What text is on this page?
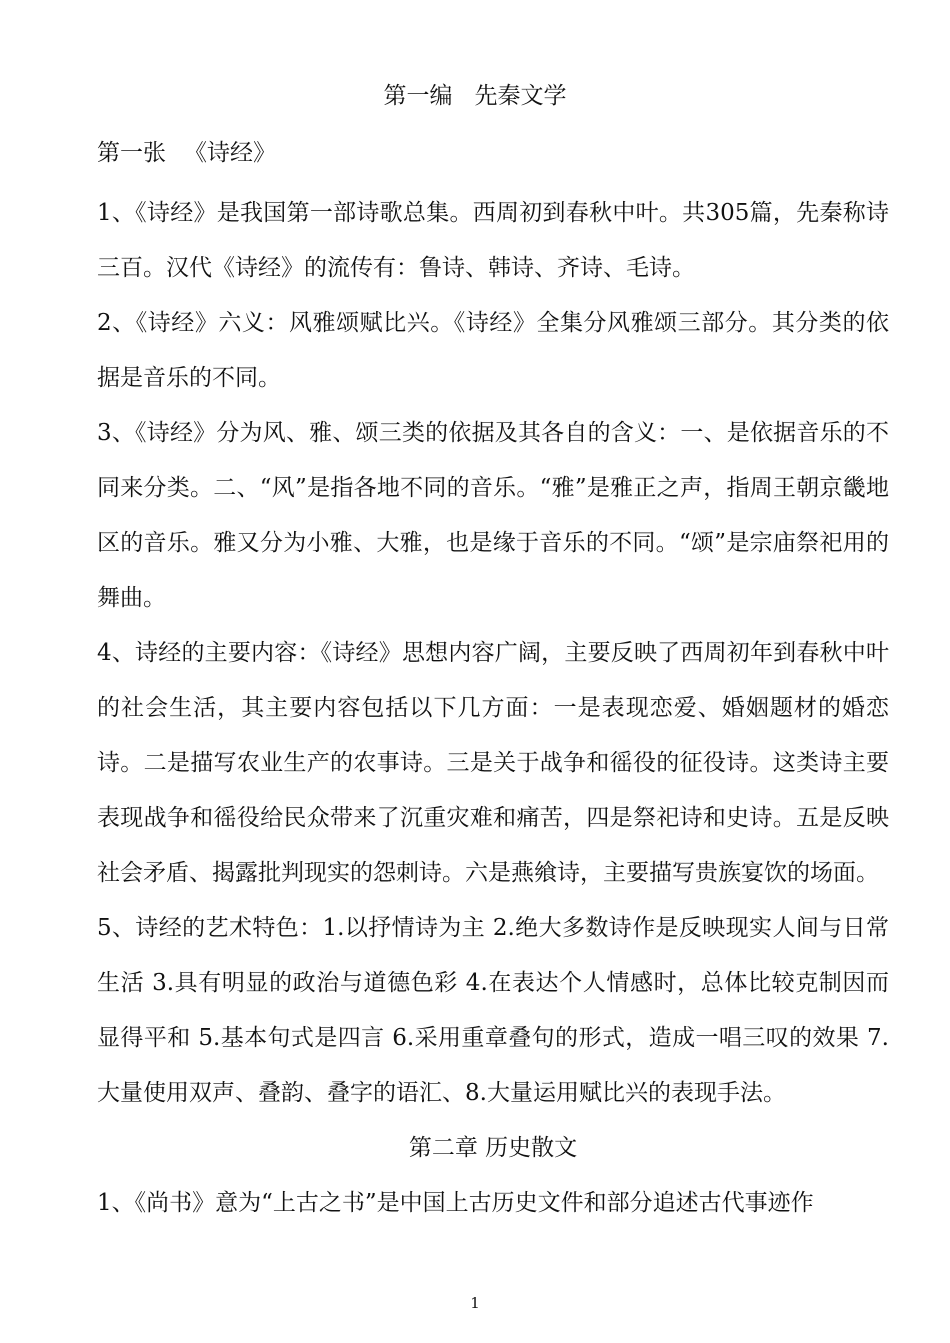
第一编 先秦文学
第一张 《诗经》

1、《诗经》是我国第一部诗歌总集。西周初到春秋中叶。共305篇，先秦称诗三百。汉代《诗经》的流传有：鲁诗、韩诗、齐诗、毛诗。

2、《诗经》六义：风雅颂赋比兴。《诗经》全集分风雅颂三部分。其分类的依据是音乐的不同。

3、《诗经》分为风、雅、颂三类的依据及其各自的含义：一、是依据音乐的不同来分类。二、“风”是指各地不同的音乐。“雅”是雅正之声，指周王朝京畿地区的音乐。雅又分为小雅、大雅，也是缘于音乐的不同。“颂”是宗庙祭祀用的舞曲。

4、诗经的主要内容：《诗经》思想内容广阔，主要反映了西周初年到春秋中叶的社会生活，其主要内容包括以下几方面：一是表现恋爱、婚姻题材的婚恋诗。二是描写农业生产的农事诗。三是关于战争和徭役的征役诗。这类诗主要表现战争和徭役给民众带来了沉重灾难和痛苦，四是祭祀诗和史诗。五是反映社会矛盾、揭露批判现实的怨刺诗。六是燕飨诗，主要描写贵族宴饮的场面。

5、诗经的艺术特色：1.以抒情诗为主 2.绝大多数诗作是反映现实人间与日常生活 3.具有明显的政治与道德色彩 4.在表达个人情感时，总体比较克制因而显得平和 5.基本句式是四言 6.采用重章叠句的形式，造成一唱三叹的效果 7.大量使用双声、叠韵、叠字的语汇、8.大量运用赋比兴的表现手法。

第二章 历史散文

1、《尚书》意为“上古之书”是中国上古历史文件和部分追述古代事迹作

1
